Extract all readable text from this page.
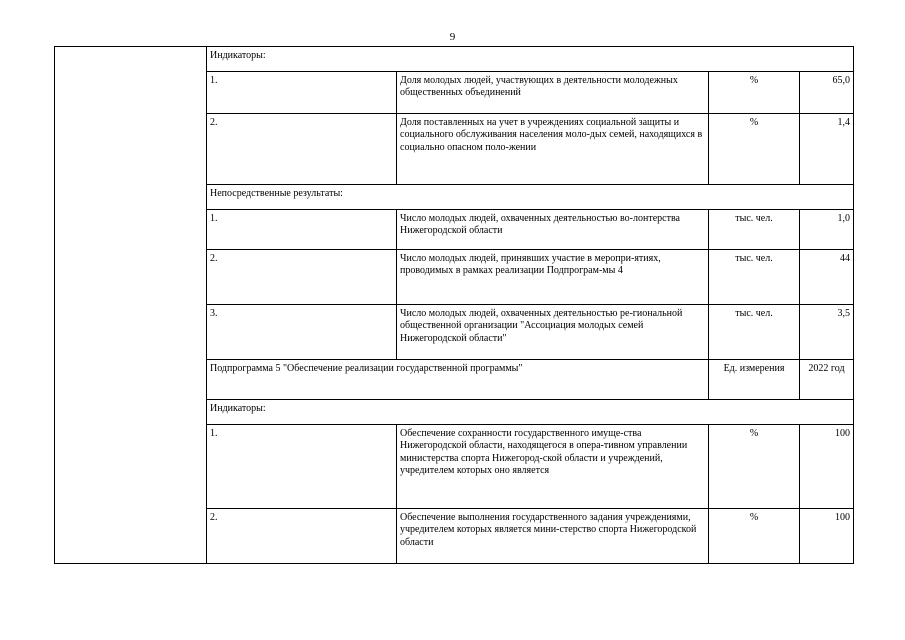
9
	Индикаторы:			
	1.	Доля молодых людей, участвующих в деятельности молодежных общественных объединений	%	65,0
	2.	Доля поставленных на учет в учреждениях социальной защиты и социального обслуживания населения моло-дых семей, находящихся в социально опасном поло-жении	%	1,4
	Непосредственные результаты:			
	1.	Число молодых людей, охваченных деятельностью во-лонтерства Нижегородской области	тыс. чел.	1,0
	2.	Число молодых людей, принявших участие в меропри-ятиях, проводимых в рамках реализации Подпрограм-мы 4	тыс. чел.	44
	3.	Число молодых людей, охваченных деятельностью ре-гиональной общественной организации "Ассоциация молодых семей Нижегородской области"	тыс. чел.	3,5
	Подпрограмма 5 "Обеспечение реализации государственной программы"		Ед. измерения	2022 год
	Индикаторы:			
	1.	Обеспечение сохранности государственного имуще-ства Нижегородской области, находящегося в опера-тивном управлении министерства спорта Нижегород-ской области и учреждений, учредителем которых оно является	%	100
	2.	Обеспечение выполнения государственного задания учреждениями, учредителем которых является мини-стерство спорта Нижегородской области	%	100
